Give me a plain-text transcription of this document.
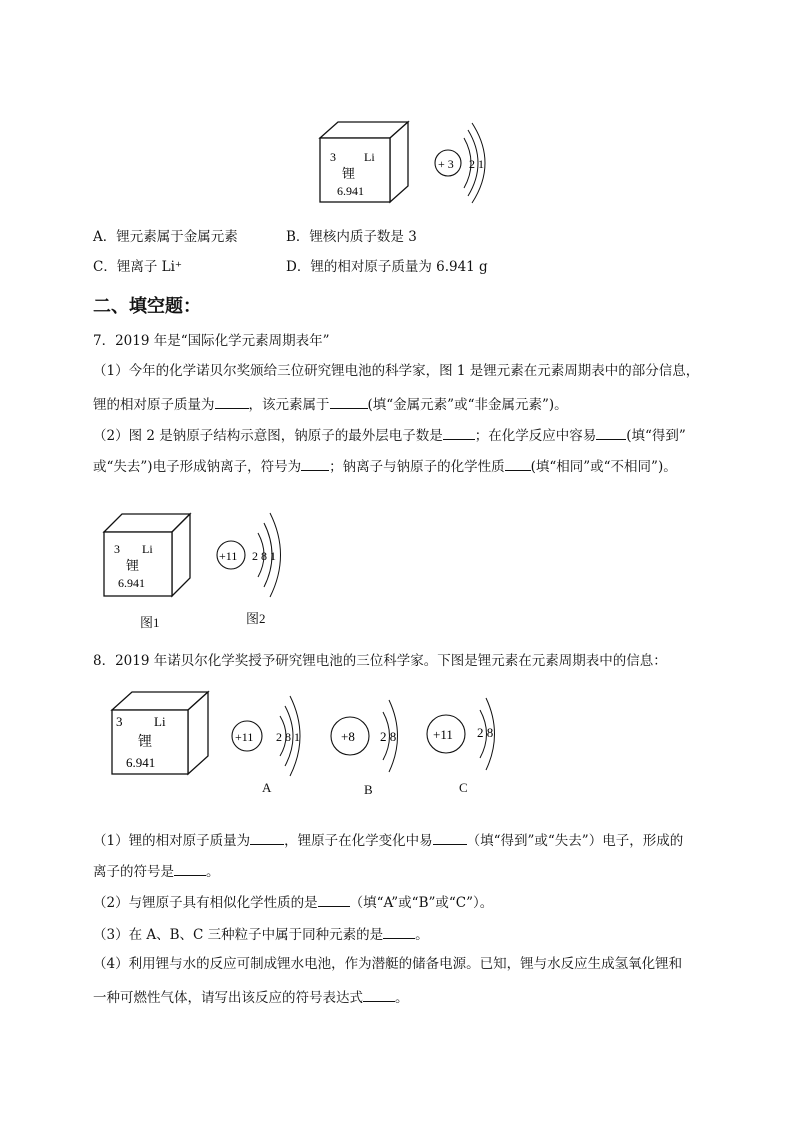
3 Li
锂
6.941
+ 3 2 1
A．锂元素属于金属元素	B．锂核内质子数是 3
C．锂离子 Li⁺	D．锂的相对原子质量为 6.941 g
二、填空题：
7．2019 年是“国际化学元素周期表年”
（1）今年的化学诺贝尔奖颁给三位研究锂电池的科学家，图 1 是锂元素在元素周期表中的部分信息，
锂的相对原子质量为	，该元素属于	(填“金属元素”或“非金属元素”)。
（2）图 2 是钠原子结构示意图，钠原子的最外层电子数是 ；在化学反应中容易 (填“得到”
或“失去”)电子形成钠离子，符号为 ；钠离子与钠原子的化学性质 (填“相同”或“不相同”)。
3 Li
锂
6.941
图1
+11 2 8 1
图2
8．2019 年诺贝尔化学奖授予研究锂电池的三位科学家。下图是锂元素在元素周期表中的信息：
3 Li
锂
6.941
+11 2 8 1
A
+8 2 8
B
+11 2 8
C
（1）锂的相对原子质量为	，锂原子在化学变化中易	（填“得到”或“失去”）电子，形成的
离子的符号是 。
（2）与锂原子具有相似化学性质的是 （填“A”或“B”或“C”）。
（3）在 A、B、C 三种粒子中属于同种元素的是 。
（4）利用锂与水的反应可制成锂水电池，作为潜艇的储备电源。已知，锂与水反应生成氢氧化锂和
一种可燃性气体，请写出该反应的符号表达式 。
